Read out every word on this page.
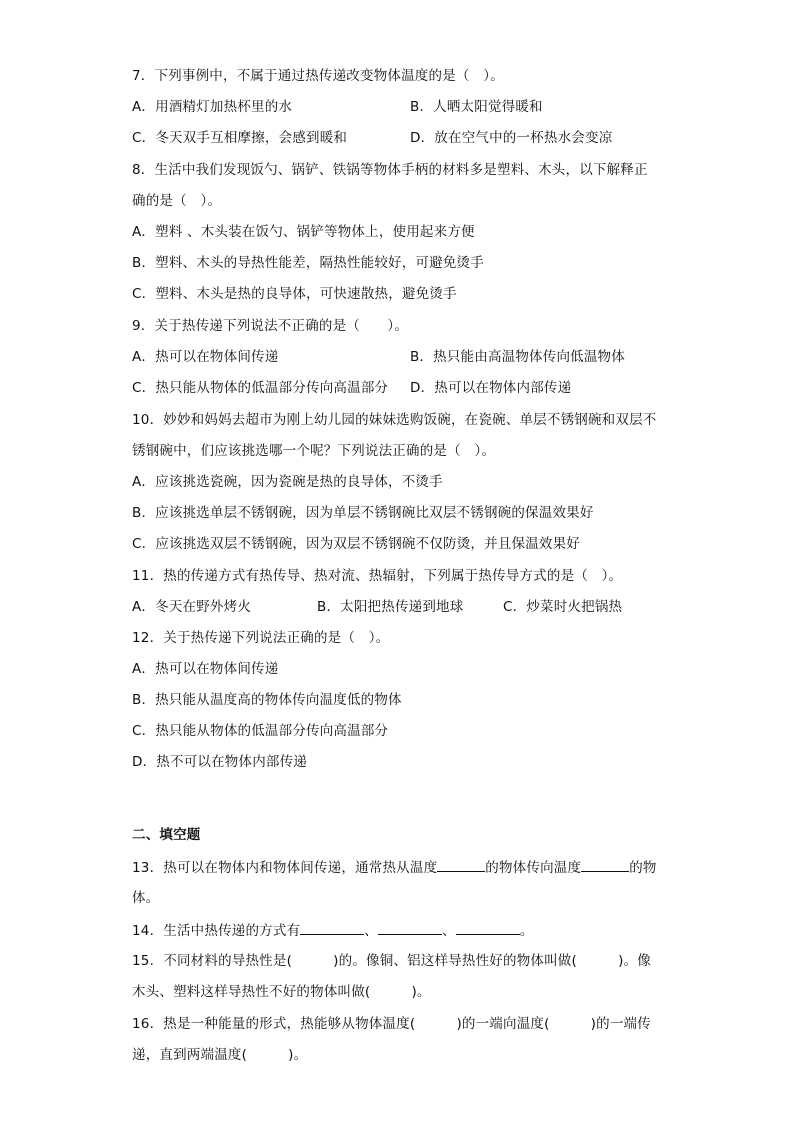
7．下列事例中，不属于通过热传递改变物体温度的是（　）。
A．用酒精灯加热杯里的水	B．人晒太阳觉得暖和
C．冬天双手互相摩擦，会感到暖和	D．放在空气中的一杯热水会变凉
8．生活中我们发现饭勺、锅铲、铁锅等物体手柄的材料多是塑料、木头，以下解释正
确的是（　）。
A．塑料 、木头装在饭勺、锅铲等物体上，使用起来方便
B．塑料、木头的导热性能差，隔热性能较好，可避免烫手
C．塑料、木头是热的良导体，可快速散热，避免烫手
9．关于热传递下列说法不正确的是（　　）。
A．热可以在物体间传递	B．热只能由高温物体传向低温物体
C．热只能从物体的低温部分传向高温部分 D．热可以在物体内部传递
10．妙妙和妈妈去超市为刚上幼儿园的妹妹选购饭碗，在瓷碗、单层不锈钢碗和双层不
锈钢碗中，们应该挑选哪一个呢？下列说法正确的是（　）。
A．应该挑选瓷碗，因为瓷碗是热的良导体，不烫手
B．应该挑选单层不锈钢碗，因为单层不锈钢碗比双层不锈钢碗的保温效果好
C．应该挑选双层不锈钢碗，因为双层不锈钢碗不仅防烫，并且保温效果好
11．热的传递方式有热传导、热对流、热辐射，下列属于热传导方式的是（　）。
A．冬天在野外烤火	B．太阳把热传递到地球	C．炒菜时火把锅热
12．关于热传递下列说法正确的是（　）。
A．热可以在物体间传递
B．热只能从温度高的物体传向温度低的物体
C．热只能从物体的低温部分传向高温部分
D．热不可以在物体内部传递
二、填空题
13．热可以在物体内和物体间传递，通常热从温度	的物体传向温度	的物
体。
14．生活中热传递的方式有	、	、	。
15．不同材料的导热性是(　　　)的。像铜、铝这样导热性好的物体叫做(　　　)。像
木头、塑料这样导热性不好的物体叫做(　　　)。
16．热是一种能量的形式，热能够从物体温度(　　　)的一端向温度(　　　)的一端传
递，直到两端温度(　　　)。
